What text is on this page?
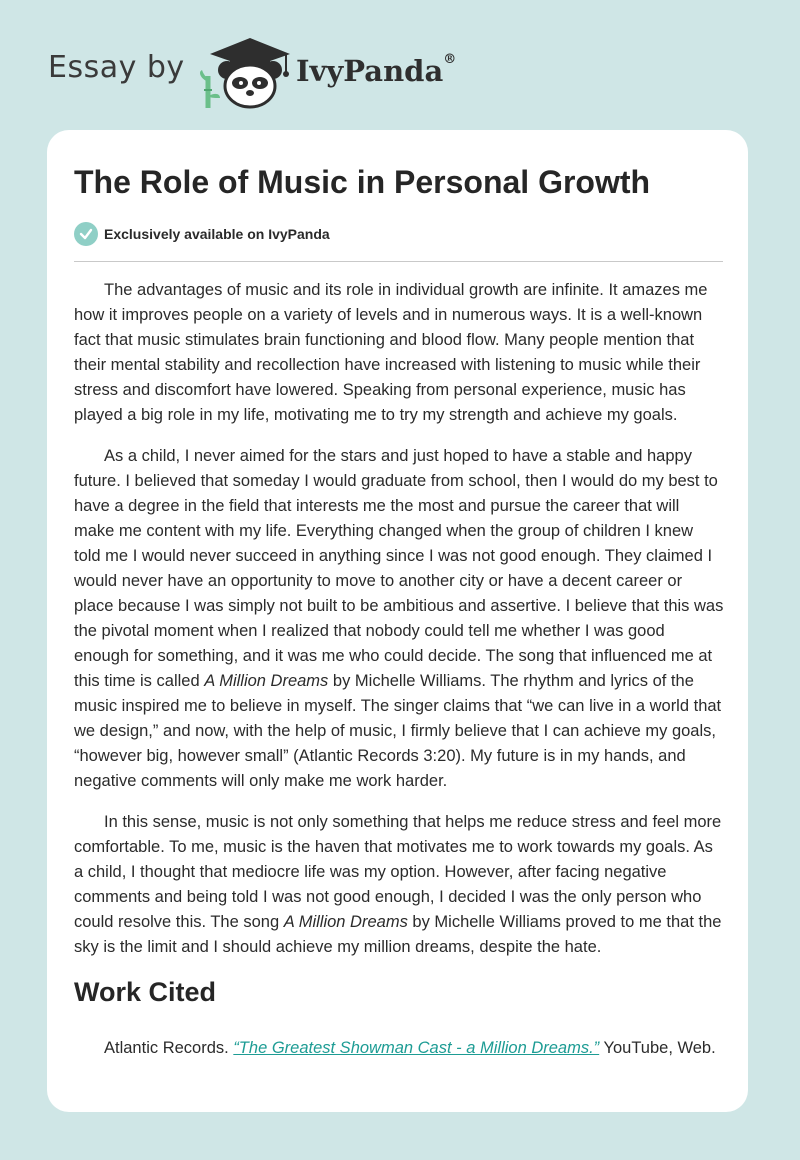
Essay by	IvyPanda®
The Role of Music in Personal Growth
Exclusively available on IvyPanda

The advantages of music and its role in individual growth are infinite. It amazes me how it improves people on a variety of levels and in numerous ways. It is a well-known fact that music stimulates brain functioning and blood flow. Many people mention that their mental stability and recollection have increased with listening to music while their stress and discomfort have lowered. Speaking from personal experience, music has played a big role in my life, motivating me to try my strength and achieve my goals.

As a child, I never aimed for the stars and just hoped to have a stable and happy future. I believed that someday I would graduate from school, then I would do my best to have a degree in the field that interests me the most and pursue the career that will make me content with my life. Everything changed when the group of children I knew told me I would never succeed in anything since I was not good enough. They claimed I would never have an opportunity to move to another city or have a decent career or place because I was simply not built to be ambitious and assertive. I believe that this was the pivotal moment when I realized that nobody could tell me whether I was good enough for something, and it was me who could decide. The song that influenced me at this time is called A Million Dreams by Michelle Williams. The rhythm and lyrics of the music inspired me to believe in myself. The singer claims that “we can live in a world that we design,” and now, with the help of music, I firmly believe that I can achieve my goals, “however big, however small” (Atlantic Records 3:20). My future is in my hands, and negative comments will only make me work harder.

In this sense, music is not only something that helps me reduce stress and feel more comfortable. To me, music is the haven that motivates me to work towards my goals. As a child, I thought that mediocre life was my option. However, after facing negative comments and being told I was not good enough, I decided I was the only person who could resolve this. The song A Million Dreams by Michelle Williams proved to me that the sky is the limit and I should achieve my million dreams, despite the hate.

Work Cited

Atlantic Records. “The Greatest Showman Cast - a Million Dreams.” YouTube, Web.
